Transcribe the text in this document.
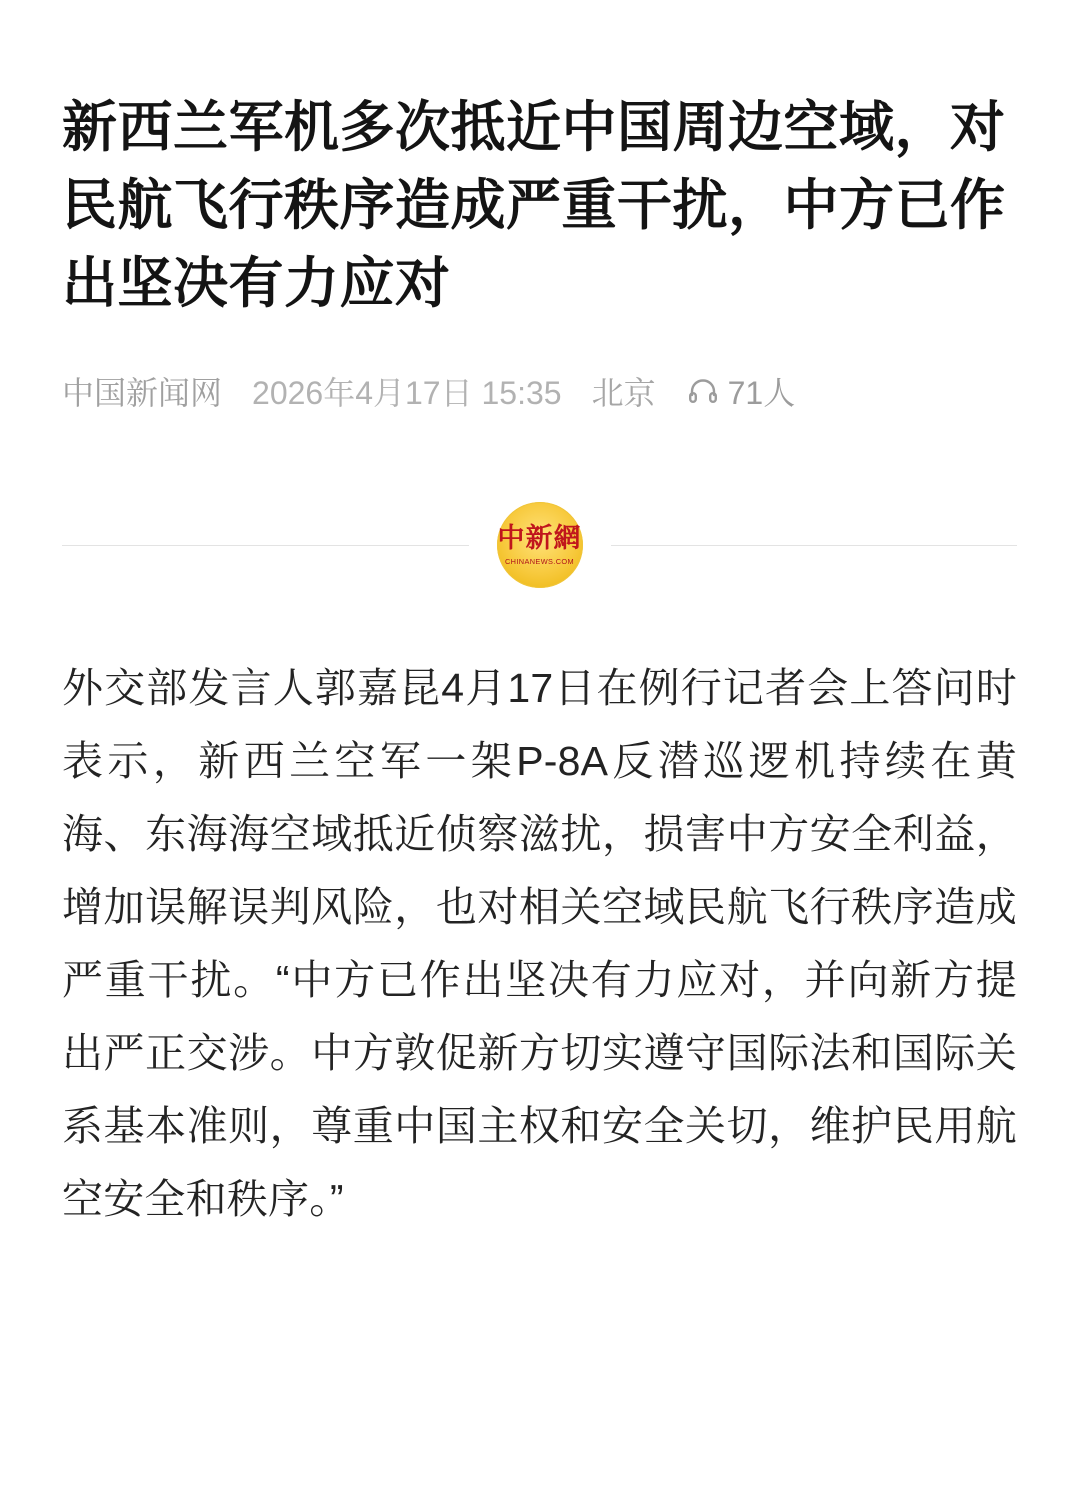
新西兰军机多次抵近中国周边空域，对民航飞行秩序造成严重干扰，中方已作出坚决有力应对
中国新闻网 2026年4月17日 15:35 北京 71人
中新網
CHINANEWS.COM

外交部发言人郭嘉昆4月17日在例行记者会上答问时表示，新西兰空军一架P-8A反潜巡逻机持续在黄海、东海海空域抵近侦察滋扰，损害中方安全利益，增加误解误判风险，也对相关空域民航飞行秩序造成严重干扰。“中方已作出坚决有力应对，并向新方提出严正交涉。中方敦促新方切实遵守国际法和国际关系基本准则，尊重中国主权和安全关切，维护民用航空安全和秩序。”
